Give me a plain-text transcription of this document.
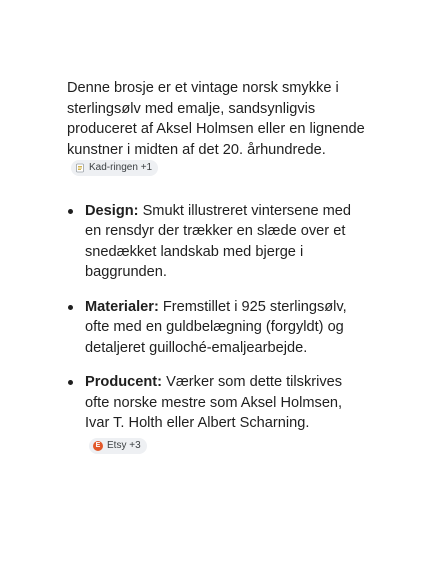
Denne brosje er et vintage norsk smykke i sterlingsølv med emalje, sandsynligvis produceret af Aksel Holmsen eller en lignende kunstner i midten af det 20. århundrede.
Kad-ringen +1

Design: Smukt illustreret vintersene med en rensdyr der trækker en slæde over et snedækket landskab med bjerge i baggrunden.
Materialer: Fremstillet i 925 sterlingsølv, ofte med en guldbelægning (forgyldt) og detaljeret guilloché-emaljearbejde.
Producent: Værker som dette tilskrives ofte norske mestre som Aksel Holmsen, Ivar T. Holth eller Albert Scharning.
E Etsy +3
